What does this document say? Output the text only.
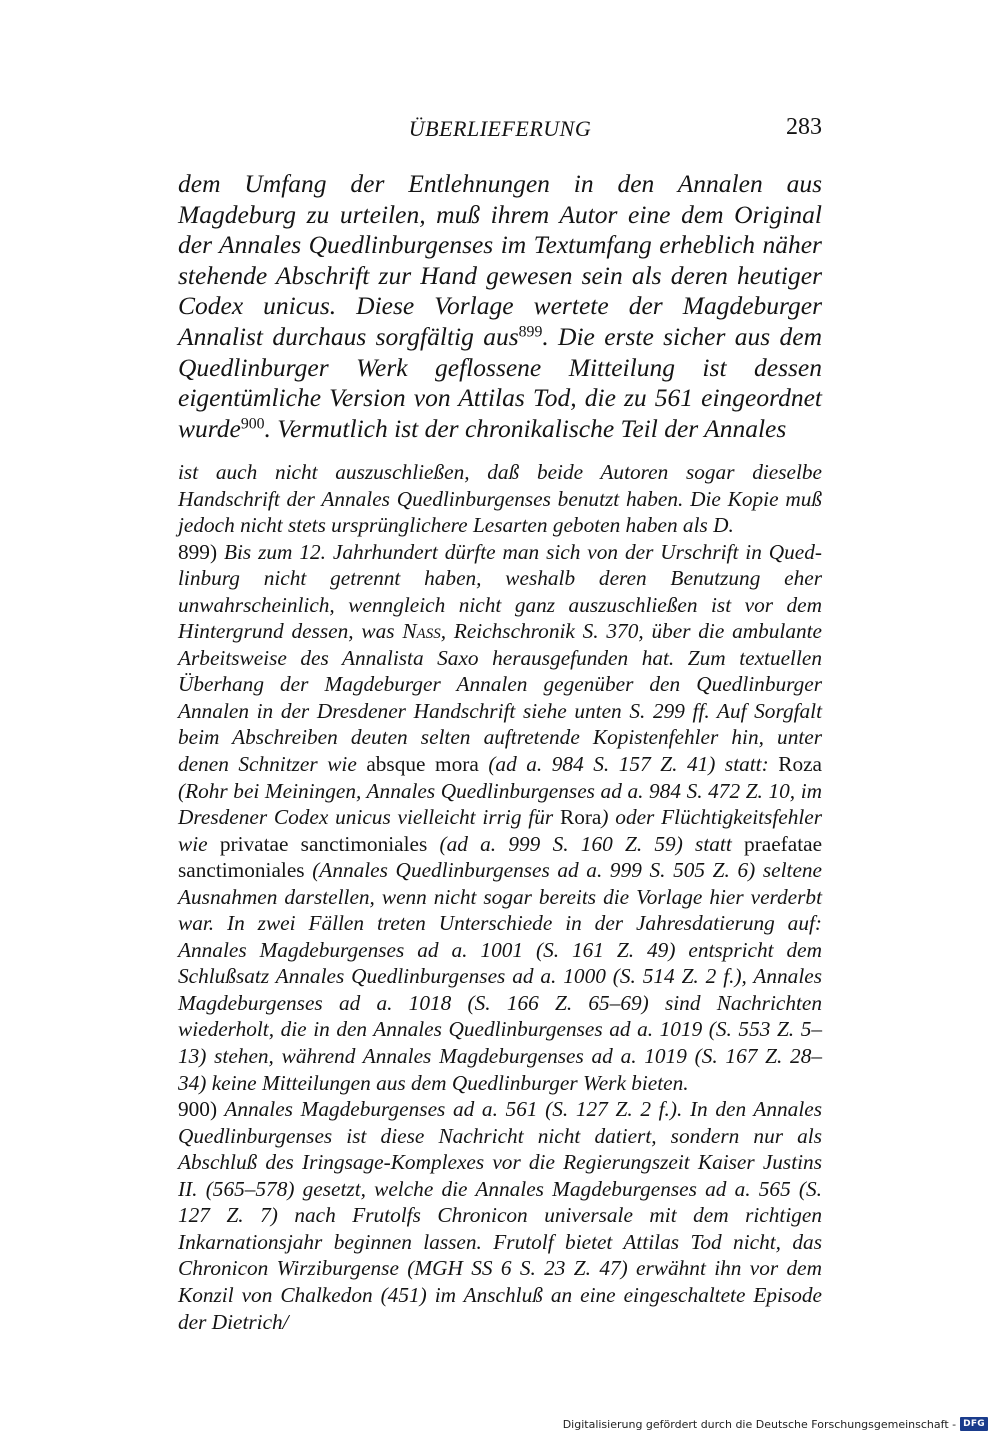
ÜBERLIEFERUNG	283
dem Umfang der Entlehnungen in den Annalen aus Magdeburg zu urteilen, muß ihrem Autor eine dem Original der Annales Quedlinburgenses im Textumfang erheblich näher stehende Abschrift zur Hand gewesen sein als deren heutiger Codex unicus. Diese Vorlage wertete der Magdeburger Annalist durchaus sorgfältig aus$^{899}$. Die erste sicher aus dem Quedlinburger Werk geflossene Mitteilung ist dessen eigentümliche Version von Attilas Tod, die zu 561 eingeordnet wurde$^{900}$. Vermutlich ist der chronikalische Teil der Annales

ist auch nicht auszuschließen, daß beide Autoren sogar dieselbe Handschrift der Annales Quedlinburgenses benutzt haben. Die Kopie muß jedoch nicht stets ursprünglichere Lesarten geboten haben als D.

899) Bis zum 12. Jahrhundert dürfte man sich von der Urschrift in Quedlinburg nicht getrennt haben, weshalb deren Benutzung eher unwahrscheinlich, wenngleich nicht ganz auszuschließen ist vor dem Hintergrund dessen, was Nass, Reichschronik S. 370, über die ambulante Arbeitsweise des Annalista Saxo herausgefunden hat. Zum textuellen Überhang der Magdeburger Annalen gegenüber den Quedlinburger Annalen in der Dresdener Handschrift siehe unten S. 299 ff. Auf Sorgfalt beim Abschreiben deuten selten auftretende Kopistenfehler hin, unter denen Schnitzer wie absque mora (ad a. 984 S. 157 Z. 41) statt: Roza (Rohr bei Meiningen, Annales Quedlinburgenses ad a. 984 S. 472 Z. 10, im Dresdener Codex unicus vielleicht irrig für Rora) oder Flüchtigkeitsfehler wie privatae sanctimoniales (ad a. 999 S. 160 Z. 59) statt praefatae sanctimoniales (Annales Quedlinburgenses ad a. 999 S. 505 Z. 6) seltene Ausnahmen darstellen, wenn nicht sogar bereits die Vorlage hier verderbt war. In zwei Fällen treten Unterschiede in der Jahresdatierung auf: Annales Magdeburgenses ad a. 1001 (S. 161 Z. 49) entspricht dem Schlußsatz Annales Quedlinburgenses ad a. 1000 (S. 514 Z. 2 f.), Annales Magdeburgenses ad a. 1018 (S. 166 Z. 65–69) sind Nachrichten wiederholt, die in den Annales Quedlinburgenses ad a. 1019 (S. 553 Z. 5–13) stehen, während Annales Magdeburgenses ad a. 1019 (S. 167 Z. 28–34) keine Mitteilungen aus dem Quedlinburger Werk bieten.

900) Annales Magdeburgenses ad a. 561 (S. 127 Z. 2 f.). In den Annales Quedlinburgenses ist diese Nachricht nicht datiert, sondern nur als Abschluß des Iringsage-Komplexes vor die Regierungszeit Kaiser Justins II. (565–578) gesetzt, welche die Annales Magdeburgenses ad a. 565 (S. 127 Z. 7) nach Frutolfs Chronicon universale mit dem richtigen Inkarnationsjahr beginnen lassen. Frutolf bietet Attilas Tod nicht, das Chronicon Wirziburgense (MGH SS 6 S. 23 Z. 47) erwähnt ihn vor dem Konzil von Chalkedon (451) im Anschluß an eine eingeschaltete Episode der Dietrich/

Digitalisierung gefördert durch die Deutsche Forschungsgemeinschaft - DFG
